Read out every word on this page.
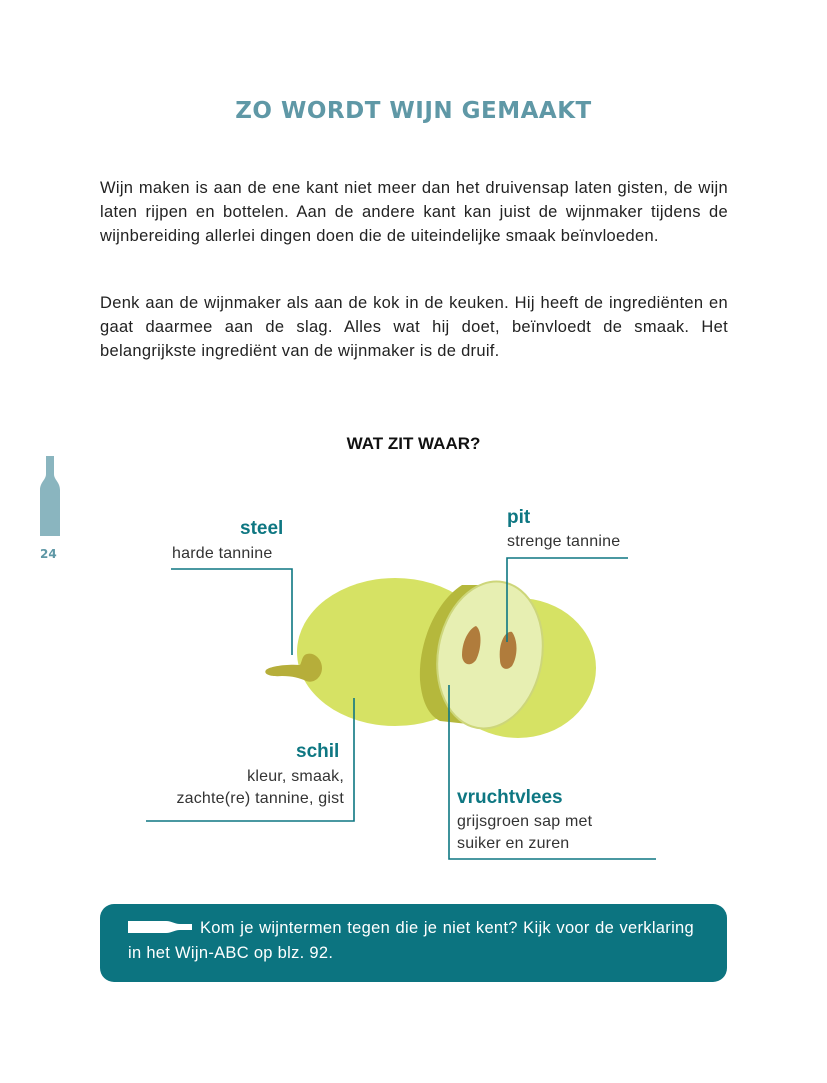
ZO WORDT WIJN GEMAAKT

Wijn maken is aan de ene kant niet meer dan het druivensap laten gisten, de wijn laten rijpen en bottelen. Aan de andere kant kan juist de wijnmaker tijdens de wijnbereiding allerlei dingen doen die de uiteindelijke smaak beïnvloeden.

Denk aan de wijnmaker als aan de kok in de keuken. Hij heeft de ingrediënten en gaat daarmee aan de slag. Alles wat hij doet, beïnvloedt de smaak. Het belangrijkste ingrediënt van de wijnmaker is de druif.

24
WAT ZIT WAAR?
steel
harde tannine
pit
strenge tannine
schil
kleur, smaak,
zachte(re) tannine, gist	vruchtvlees
grijsgroen sap met
suiker en zuren

Kom je wijntermen tegen die je niet kent? Kijk voor de verklaring in het Wijn-ABC op blz. 92.
